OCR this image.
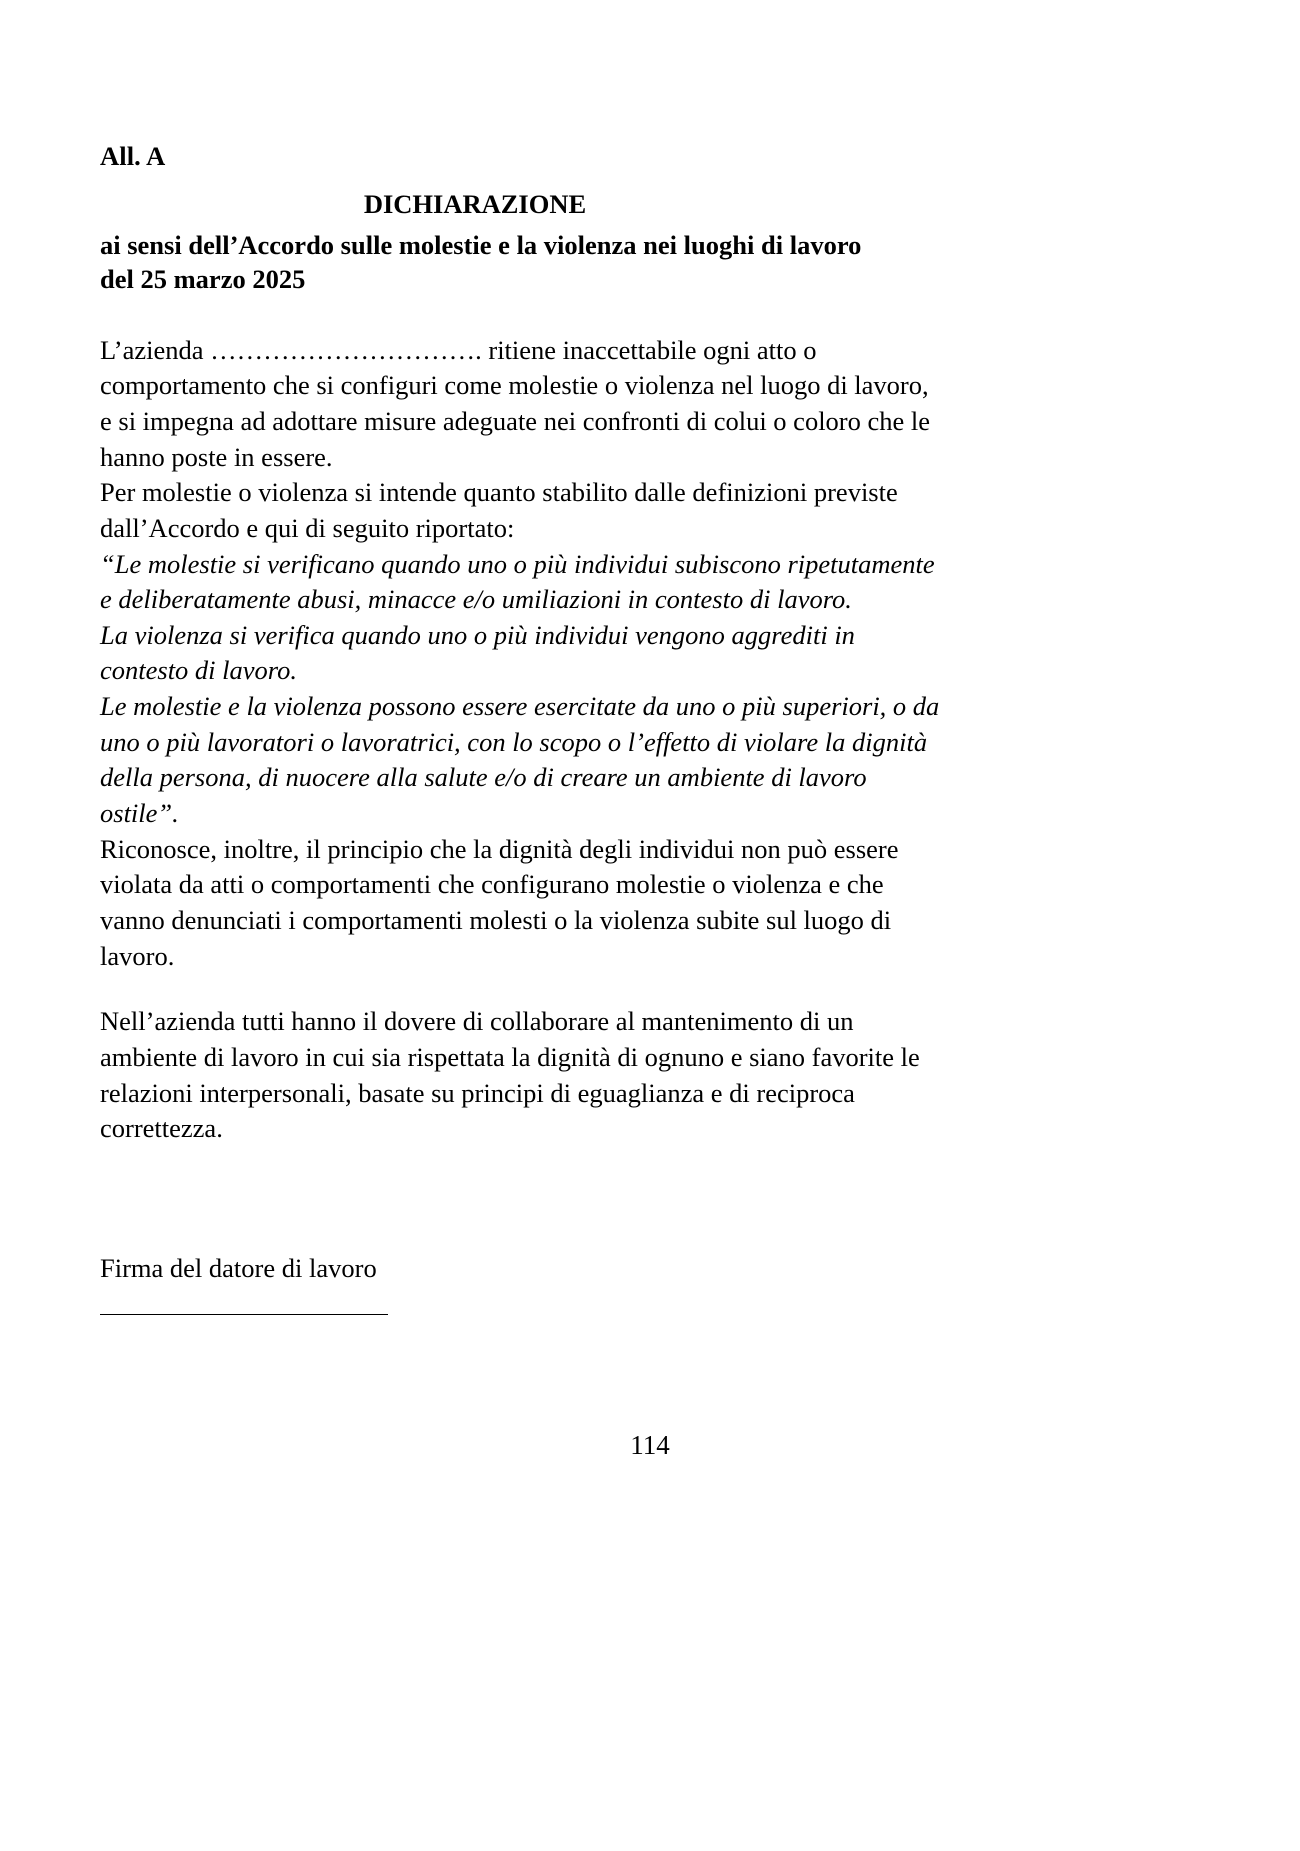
All. A
DICHIARAZIONE
ai sensi dell’Accordo sulle molestie e la violenza nei luoghi di lavoro
del 25 marzo 2025

L’azienda …………………………. ritiene inaccettabile ogni atto o comportamento che si configuri come molestie o violenza nel luogo di lavoro, e si impegna ad adottare misure adeguate nei confronti di colui o coloro che le hanno poste in essere.

Per molestie o violenza si intende quanto stabilito dalle definizioni previste dall’Accordo e qui di seguito riportato:

“Le molestie si verificano quando uno o più individui subiscono ripetutamente e deliberatamente abusi, minacce e/o umiliazioni in contesto di lavoro.

La violenza si verifica quando uno o più individui vengono aggrediti in contesto di lavoro.

Le molestie e la violenza possono essere esercitate da uno o più superiori, o da uno o più lavoratori o lavoratrici, con lo scopo o l’effetto di violare la dignità della persona, di nuocere alla salute e/o di creare un ambiente di lavoro ostile”.

Riconosce, inoltre, il principio che la dignità degli individui non può essere violata da atti o comportamenti che configurano molestie o violenza e che vanno denunciati i comportamenti molesti o la violenza subite sul luogo di lavoro.

Nell’azienda tutti hanno il dovere di collaborare al mantenimento di un ambiente di lavoro in cui sia rispettata la dignità di ognuno e siano favorite le relazioni interpersonali, basate su principi di eguaglianza e di reciproca correttezza.

Firma del datore di lavoro
114
